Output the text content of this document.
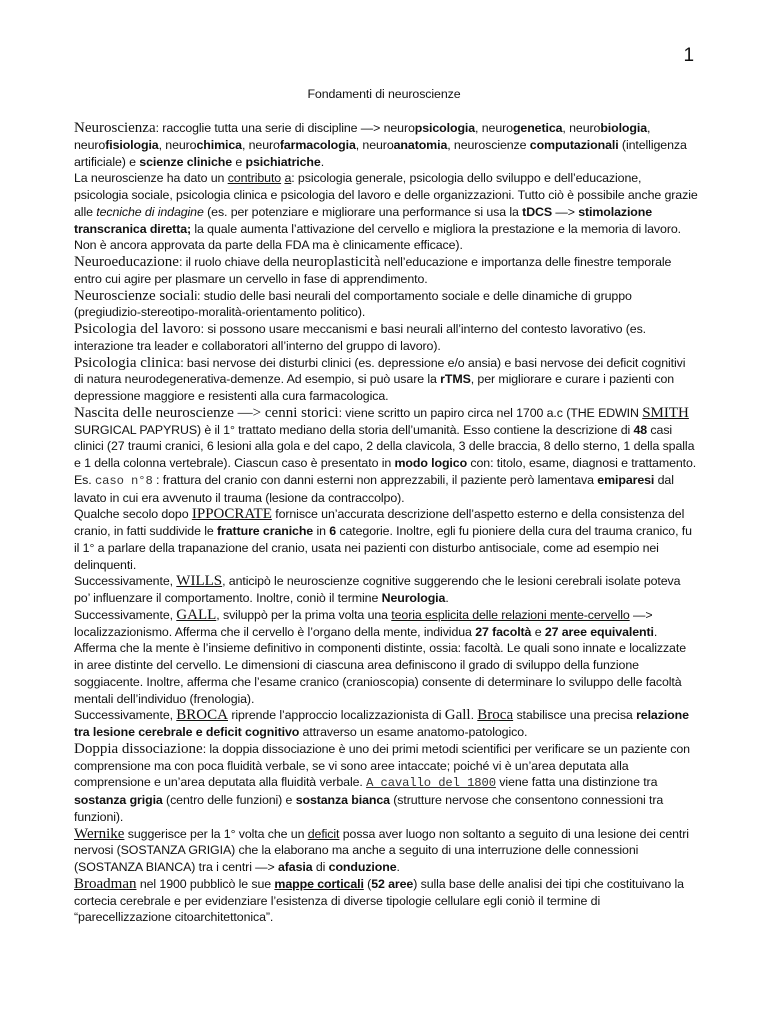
1
Fondamenti di neuroscienze

Neuroscienza: raccoglie tutta una serie di discipline —> neuropsicologia, neurogenetica, neurobiologia, neurofisiologia, neurochimica, neurofarmacologia, neuroanatomia, neuroscienze computazionali (intelligenza artificiale) e scienze cliniche e psichiatriche.

La neuroscienze ha dato un contributo a: psicologia generale, psicologia dello sviluppo e dell’educazione, psicologia sociale, psicologia clinica e psicologia del lavoro e delle organizzazioni. Tutto ciò è possibile anche grazie alle tecniche di indagine (es. per potenziare e migliorare una performance si usa la tDCS —> stimolazione transcranica diretta; la quale aumenta l’attivazione del cervello e migliora la prestazione e la memoria di lavoro. Non è ancora approvata da parte della FDA ma è clinicamente efficace).

Neuroeducazione: il ruolo chiave della neuroplasticità nell’educazione e importanza delle finestre temporale entro cui agire per plasmare un cervello in fase di apprendimento.

Neuroscienze sociali: studio delle basi neurali del comportamento sociale e delle dinamiche di gruppo (pregiudizio-stereotipo-moralità-orientamento politico).

Psicologia del lavoro: si possono usare meccanismi e basi neurali all’interno del contesto lavorativo (es. interazione tra leader e collaboratori all’interno del gruppo di lavoro).

Psicologia clinica: basi nervose dei disturbi clinici (es. depressione e/o ansia) e basi nervose dei deficit cognitivi di natura neurodegenerativa-demenze. Ad esempio, si può usare la rTMS, per migliorare e curare i pazienti con depressione maggiore e resistenti alla cura farmacologica.

Nascita delle neuroscienze —> cenni storici: viene scritto un papiro circa nel 1700 a.c (THE EDWIN SMITH SURGICAL PAPYRUS) è il 1° trattato mediano della storia dell’umanità. Esso contiene la descrizione di 48 casi clinici (27 traumi cranici, 6 lesioni alla gola e del capo, 2 della clavicola, 3 delle braccia, 8 dello sterno, 1 della spalla e 1 della colonna vertebrale). Ciascun caso è presentato in modo logico con: titolo, esame, diagnosi e trattamento. Es. caso n°8 : frattura del cranio con danni esterni non apprezzabili, il paziente però lamentava emiparesi dal lavato in cui era avvenuto il trauma (lesione da contraccolpo).

Qualche secolo dopo IPPOCRATE fornisce un’accurata descrizione dell’aspetto esterno e della consistenza del cranio, in fatti suddivide le fratture craniche in 6 categorie. Inoltre, egli fu pioniere della cura del trauma cranico, fu il 1° a parlare della trapanazione del cranio, usata nei pazienti con disturbo antisociale, come ad esempio nei delinquenti.

Successivamente, WILLS, anticipò le neuroscienze cognitive suggerendo che le lesioni cerebrali isolate poteva po’ influenzare il comportamento. Inoltre, coniò il termine Neurologia.

Successivamente, GALL, sviluppò per la prima volta una teoria esplicita delle relazioni mente-cervello —> localizzazionismo. Afferma che il cervello è l’organo della mente, individua 27 facoltà e 27 aree equivalenti. Afferma che la mente è l’insieme definitivo in componenti distinte, ossia: facoltà. Le quali sono innate e localizzate in aree distinte del cervello. Le dimensioni di ciascuna area definiscono il grado di sviluppo della funzione soggiacente. Inoltre, afferma che l’esame cranico (cranioscopia) consente di determinare lo sviluppo delle facoltà mentali dell’individuo (frenologia).

Successivamente, BROCA riprende l’approccio localizzazionista di Gall. Broca stabilisce una precisa relazione tra lesione cerebrale e deficit cognitivo attraverso un esame anatomo-patologico.

Doppia dissociazione: la doppia dissociazione è uno dei primi metodi scientifici per verificare se un paziente con comprensione ma con poca fluidità verbale, se vi sono aree intaccate; poiché vi è un’area deputata alla comprensione e un’area deputata alla fluidità verbale. A cavallo del 1800 viene fatta una distinzione tra sostanza grigia (centro delle funzioni) e sostanza bianca (strutture nervose che consentono connessioni tra funzioni).

Wernike suggerisce per la 1° volta che un deficit possa aver luogo non soltanto a seguito di una lesione dei centri nervosi (SOSTANZA GRIGIA) che la elaborano ma anche a seguito di una interruzione delle connessioni (SOSTANZA BIANCA) tra i centri —> afasia di conduzione.

Broadman nel 1900 pubblicò le sue mappe corticali (52 aree) sulla base delle analisi dei tipi che costituivano la cortecia cerebrale e per evidenziare l’esistenza di diverse tipologie cellulare egli coniò il termine di “parecellizzazione citoarchitettonica”.
